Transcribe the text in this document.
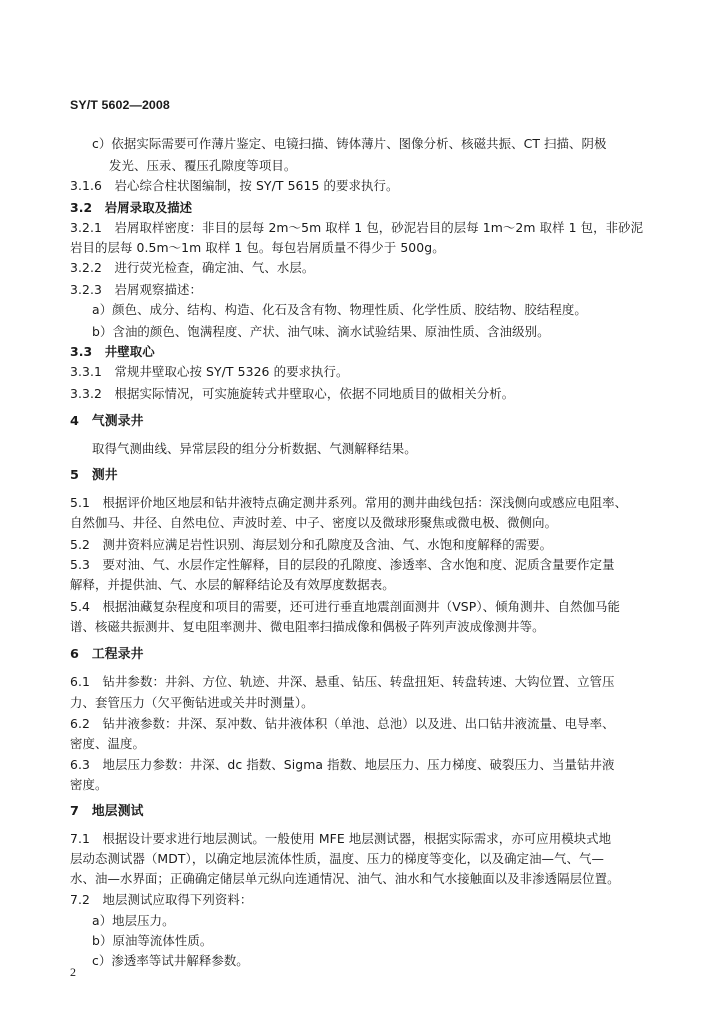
SY/T 5602—2008
c）依据实际需要可作薄片鉴定、电镜扫描、铸体薄片、图像分析、核磁共振、CT 扫描、阴极
发光、压汞、覆压孔隙度等项目。
3.1.6　岩心综合柱状图编制，按 SY/T 5615 的要求执行。
3.2　岩屑录取及描述
3.2.1　岩屑取样密度：非目的层每 2m～5m 取样 1 包，砂泥岩目的层每 1m～2m 取样 1 包，非砂泥
岩目的层每 0.5m～1m 取样 1 包。每包岩屑质量不得少于 500g。
3.2.2　进行荧光检查，确定油、气、水层。
3.2.3　岩屑观察描述：
a）颜色、成分、结构、构造、化石及含有物、物理性质、化学性质、胶结物、胶结程度。
b）含油的颜色、饱满程度、产状、油气味、滴水试验结果、原油性质、含油级别。
3.3　井壁取心
3.3.1　常规井壁取心按 SY/T 5326 的要求执行。
3.3.2　根据实际情况，可实施旋转式井壁取心，依据不同地质目的做相关分析。
4　气测录井
取得气测曲线、异常层段的组分分析数据、气测解释结果。
5　测井
5.1　根据评价地区地层和钻井液特点确定测井系列。常用的测井曲线包括：深浅侧向或感应电阻率、
自然伽马、井径、自然电位、声波时差、中子、密度以及微球形聚焦或微电极、微侧向。
5.2　测井资料应满足岩性识别、海层划分和孔隙度及含油、气、水饱和度解释的需要。
5.3　要对油、气、水层作定性解释，目的层段的孔隙度、渗透率、含水饱和度、泥质含量要作定量
解释，并提供油、气、水层的解释结论及有效厚度数据表。
5.4　根据油藏复杂程度和项目的需要，还可进行垂直地震剖面测井（VSP）、倾角测井、自然伽马能
谱、核磁共振测井、复电阻率测井、微电阻率扫描成像和偶极子阵列声波成像测井等。
6　工程录井
6.1　钻井参数：井斜、方位、轨迹、井深、悬重、钻压、转盘扭矩、转盘转速、大钩位置、立管压
力、套管压力（欠平衡钻进或关井时测量）。
6.2　钻井液参数：井深、泵冲数、钻井液体积（单池、总池）以及进、出口钻井液流量、电导率、
密度、温度。
6.3　地层压力参数：井深、dc 指数、Sigma 指数、地层压力、压力梯度、破裂压力、当量钻井液
密度。
7　地层测试
7.1　根据设计要求进行地层测试。一般使用 MFE 地层测试器，根据实际需求，亦可应用模块式地
层动态测试器（MDT），以确定地层流体性质，温度、压力的梯度等变化，以及确定油—气、气—
水、油—水界面；正确确定储层单元纵向连通情况、油气、油水和气水接触面以及非渗透隔层位置。
7.2　地层测试应取得下列资料：
a）地层压力。
b）原油等流体性质。
c）渗透率等试井解释参数。
2
